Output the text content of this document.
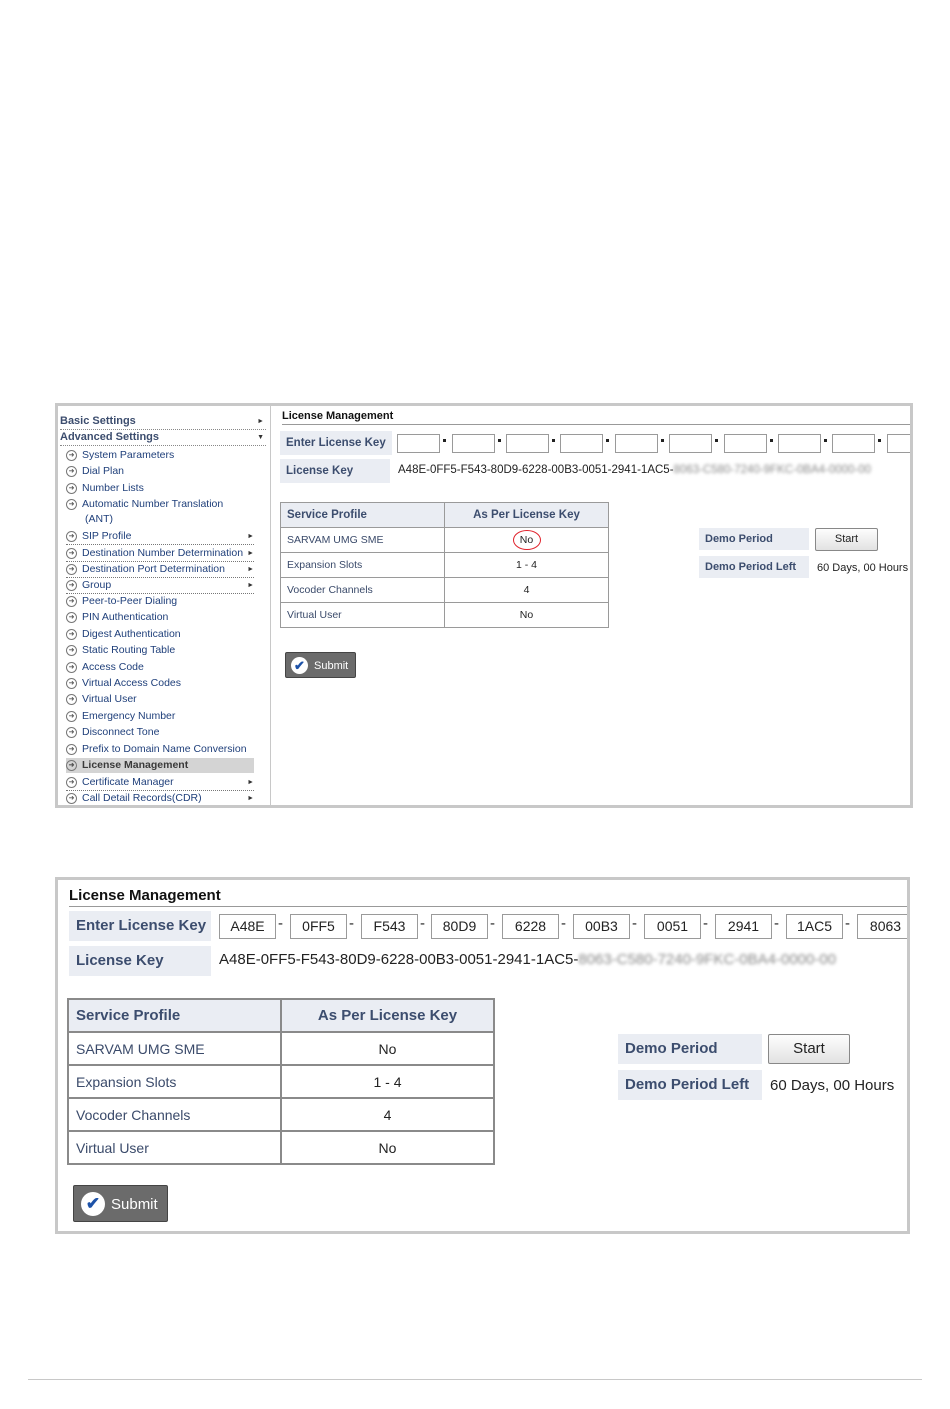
Basic Settings	►
Advanced Settings	▼
➜ System Parameters
➜ Dial Plan
➜ Number Lists
➜ Automatic Number Translation
(ANT)
➜ SIP Profile	►
➜ Destination Number Determination ►
➜ Destination Port Determination	►
➜ Group	►
➜ Peer-to-Peer Dialing
➜ PIN Authentication
➜ Digest Authentication
➜ Static Routing Table
➜ Access Code
➜ Virtual Access Codes
➜ Virtual User
➜ Emergency Number
➜ Disconnect Tone
➜ Prefix to Domain Name Conversion
➜ License Management
➜ Certificate Manager	►
➜ Call Detail Records(CDR)	►
License Management
Enter License Key
License Key	A48E-0FF5-F543-80D9-6228-00B3-0051-2941-1AC5-8063-C580-7240-9FKC-0BA4-0000-00
Service Profile	As Per License Key
SARVAM UMG SME	No
Expansion Slots	1 - 4
Vocoder Channels	4
Virtual User	No
Demo Period	Start
Demo Period Left	60 Days, 00 Hours
✔ Submit
License Management
Enter License Key	A48E -	0FF5 -	F543 -	80D9 -	6228 -	00B3 -	0051 -	2941 -	1AC5 -	8063
License Key	A48E-0FF5-F543-80D9-6228-00B3-0051-2941-1AC5-8063-C580-7240-9FKC-0BA4-0000-00
Service Profile	As Per License Key
SARVAM UMG SME	No
Expansion Slots	1 - 4
Vocoder Channels	4
Virtual User	No
Demo Period	Start
Demo Period Left	60 Days, 00 Hours
✔ Submit
